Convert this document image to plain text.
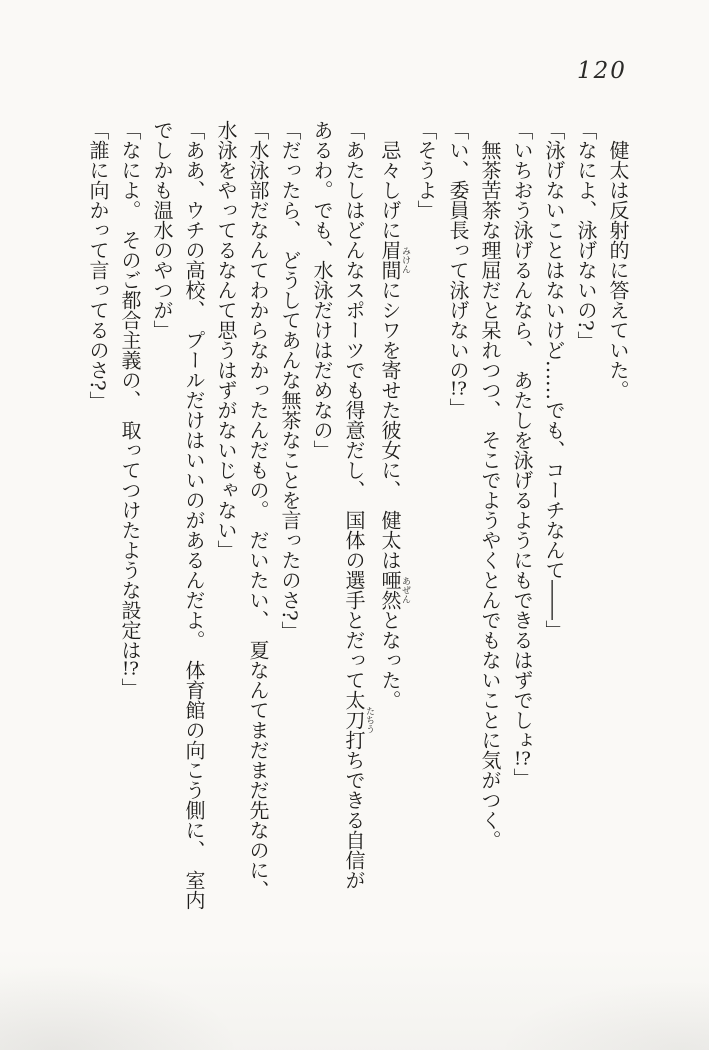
120

　健太は反射的に答えていた。

「なによ、泳げないの?」

「泳げないことはないけど……でも、コーチなんて――」

「いちおう泳げるんなら、　あたしを泳げるようにもできるはずでしょ!?」

　無茶苦茶な理屈だと呆れつつ、　そこでようやくとんでもないことに気がつく。

「い、委員長って泳げないの!?」

「そうよ」

　忌々しげに眉間みけんにシワを寄せた彼女に、　健太は唖然あぜんとなった。

「あたしはどんなスポーツでも得意だし、　国体の選手とだって太刀打たちうちできる自信が

あるわ。でも、水泳だけはだめなの」

「だったら、　どうしてあんな無茶なことを言ったのさ?」

「水泳部だなんてわからなかったんだもの。　だいたい、　夏なんてまだまだ先なのに、

水泳をやってるなんて思うはずがないじゃない」

「ああ、ウチの高校、　プールだけはいいのがあるんだよ。　体育館の向こう側に、　室内

でしかも温水のやつが」

「なによ。　そのご都合主義の、　取ってつけたような設定は!?」

「誰に向かって言ってるのさ?」
